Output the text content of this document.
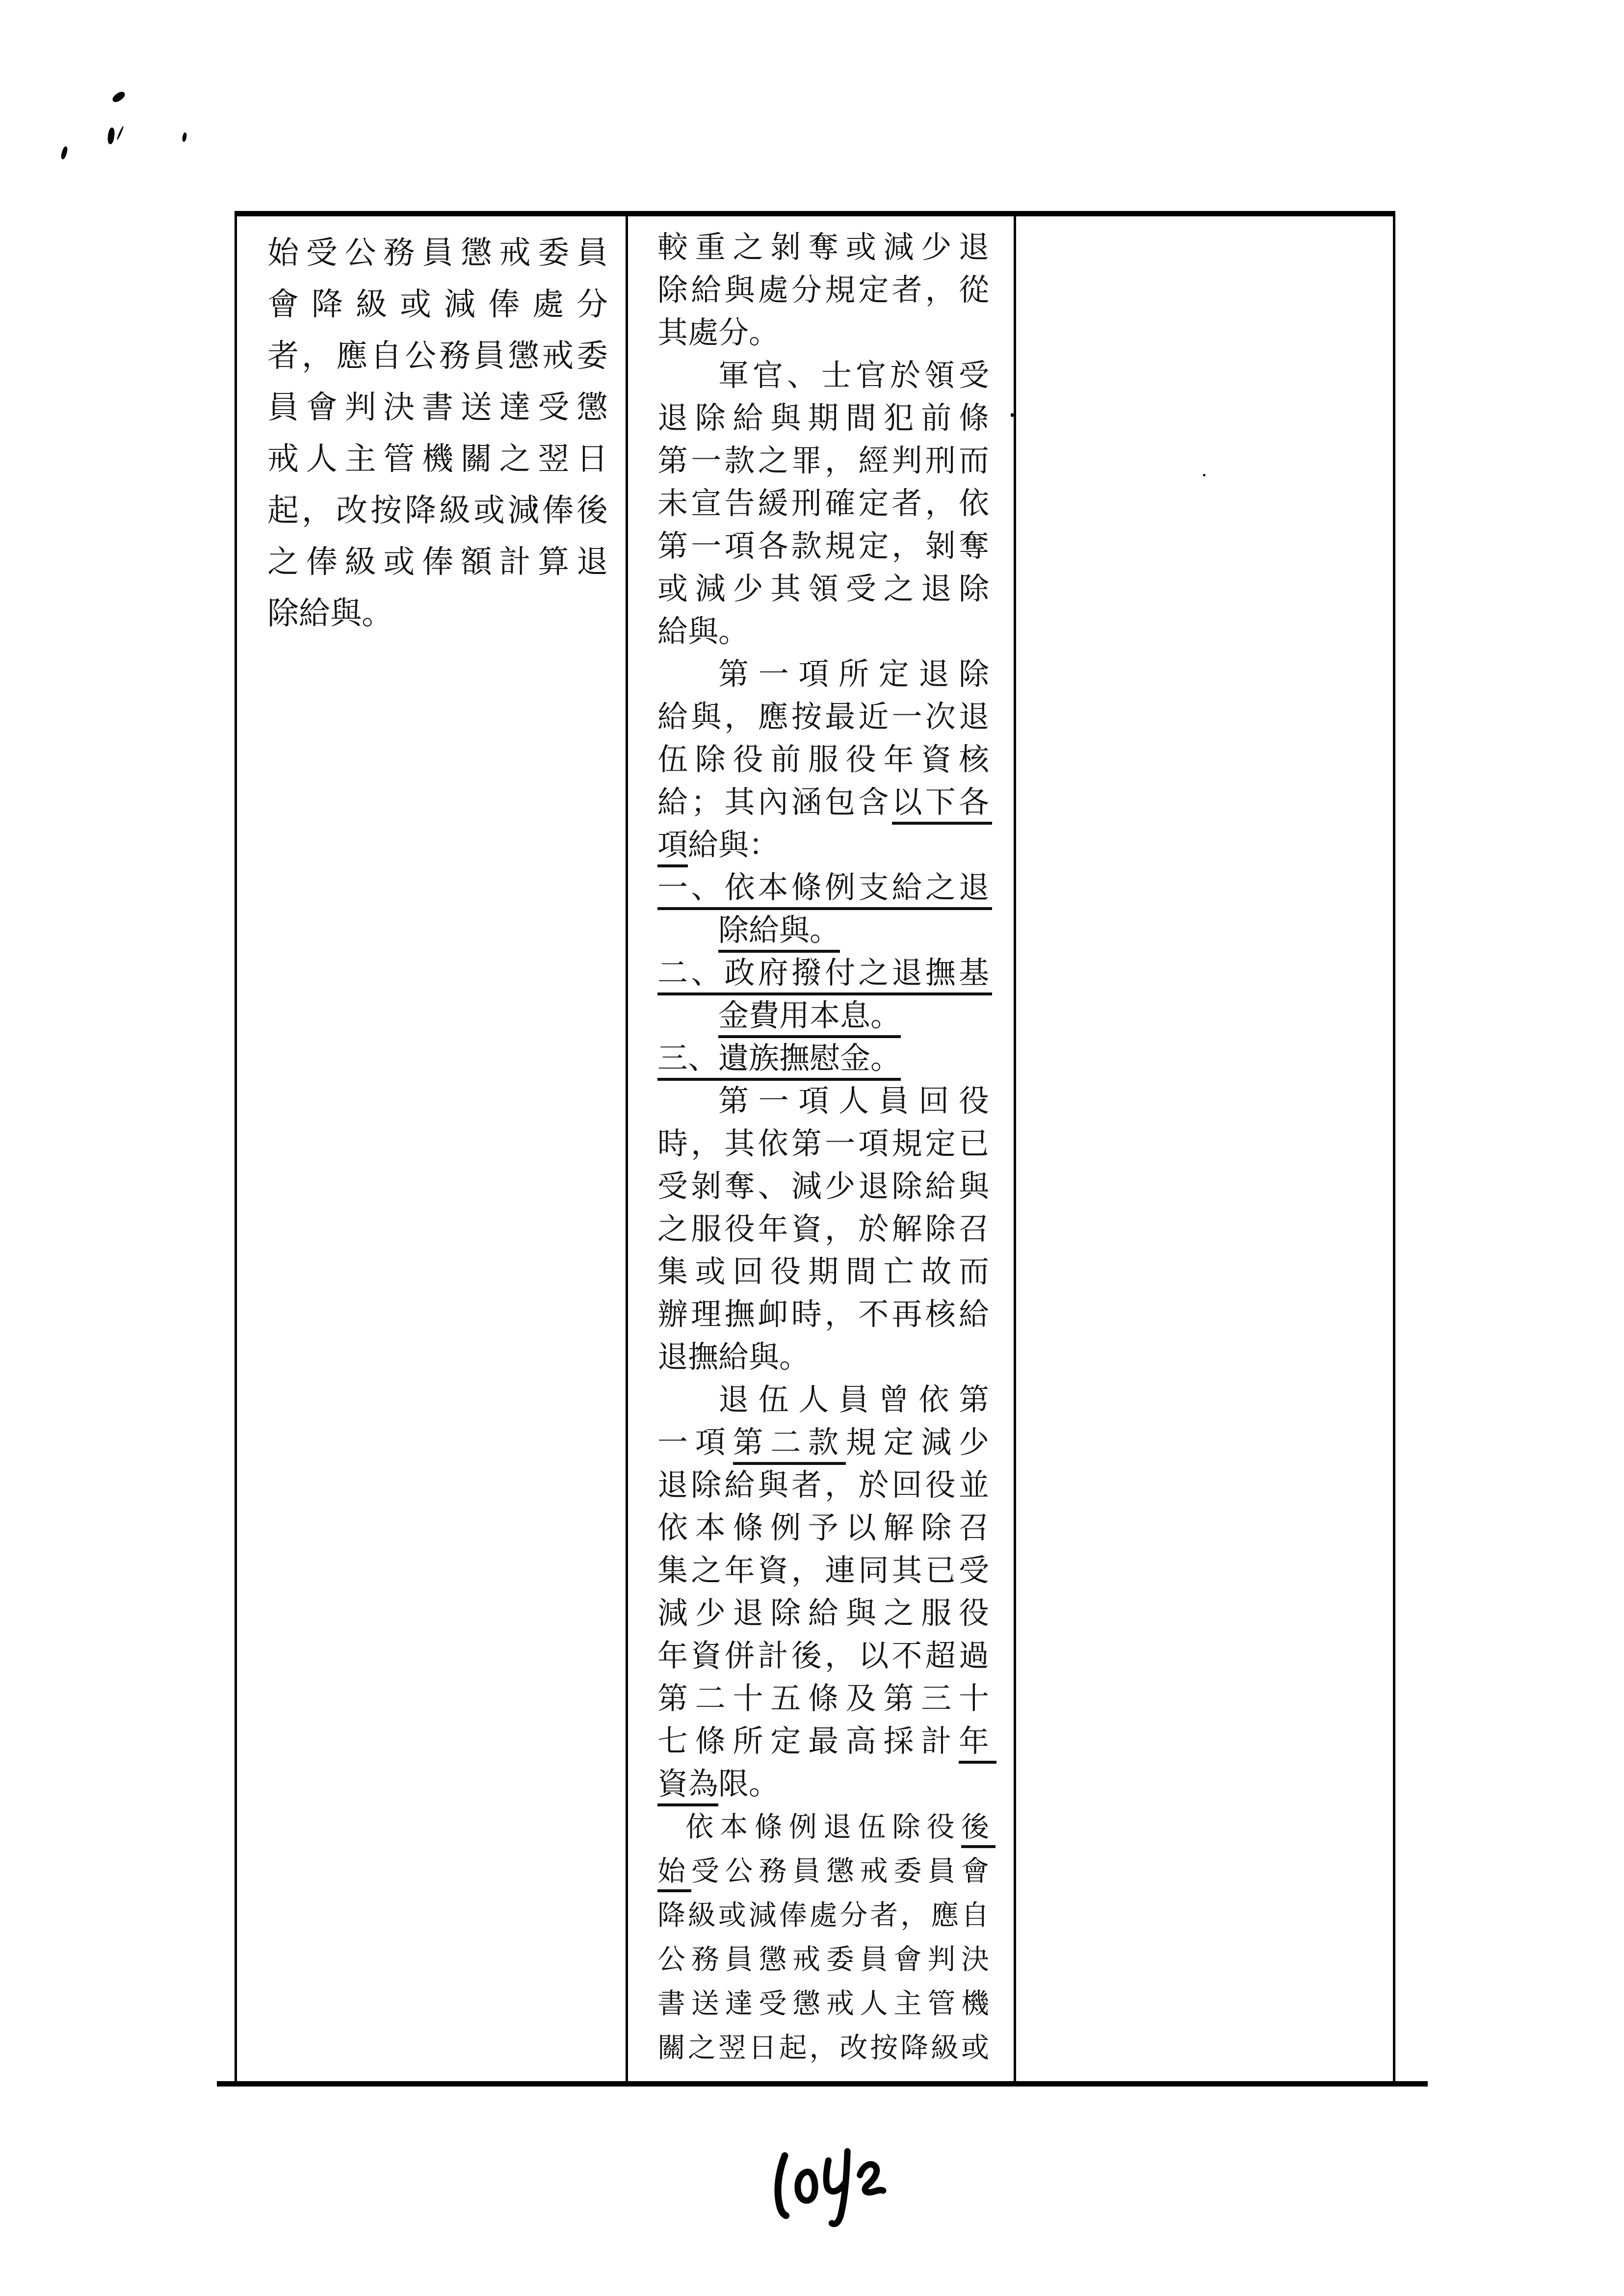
始受公務員懲戒委員
會降級或減俸處分
者，應自公務員懲戒委
員會判決書送達受懲
戒人主管機關之翌日
起，改按降級或減俸後
之俸級或俸額計算退
除給與。
較重之剝奪或減少退
除給與處分規定者，從
其處分。
軍官、士官於領受
退除給與期間犯前條
第一款之罪，經判刑而
未宣告緩刑確定者，依
第一項各款規定，剝奪
或減少其領受之退除
給與。
第一項所定退除
給與，應按最近一次退
伍除役前服役年資核
給；其內涵包含以下各
項給與：
一、依本條例支給之退
除給與。
二、政府撥付之退撫基
金費用本息。
三、遺族撫慰金。
第一項人員回役
時，其依第一項規定已
受剝奪、減少退除給與
之服役年資，於解除召
集或回役期間亡故而
辦理撫卹時，不再核給
退撫給與。
退伍人員曾依第
一項第二款規定減少
退除給與者，於回役並
依本條例予以解除召
集之年資，連同其已受
減少退除給與之服役
年資併計後，以不超過
第二十五條及第三十
七條所定最高採計年
資為限。
依本條例退伍除役後
始受公務員懲戒委員會
降級或減俸處分者，應自
公務員懲戒委員會判決
書送達受懲戒人主管機
關之翌日起，改按降級或
